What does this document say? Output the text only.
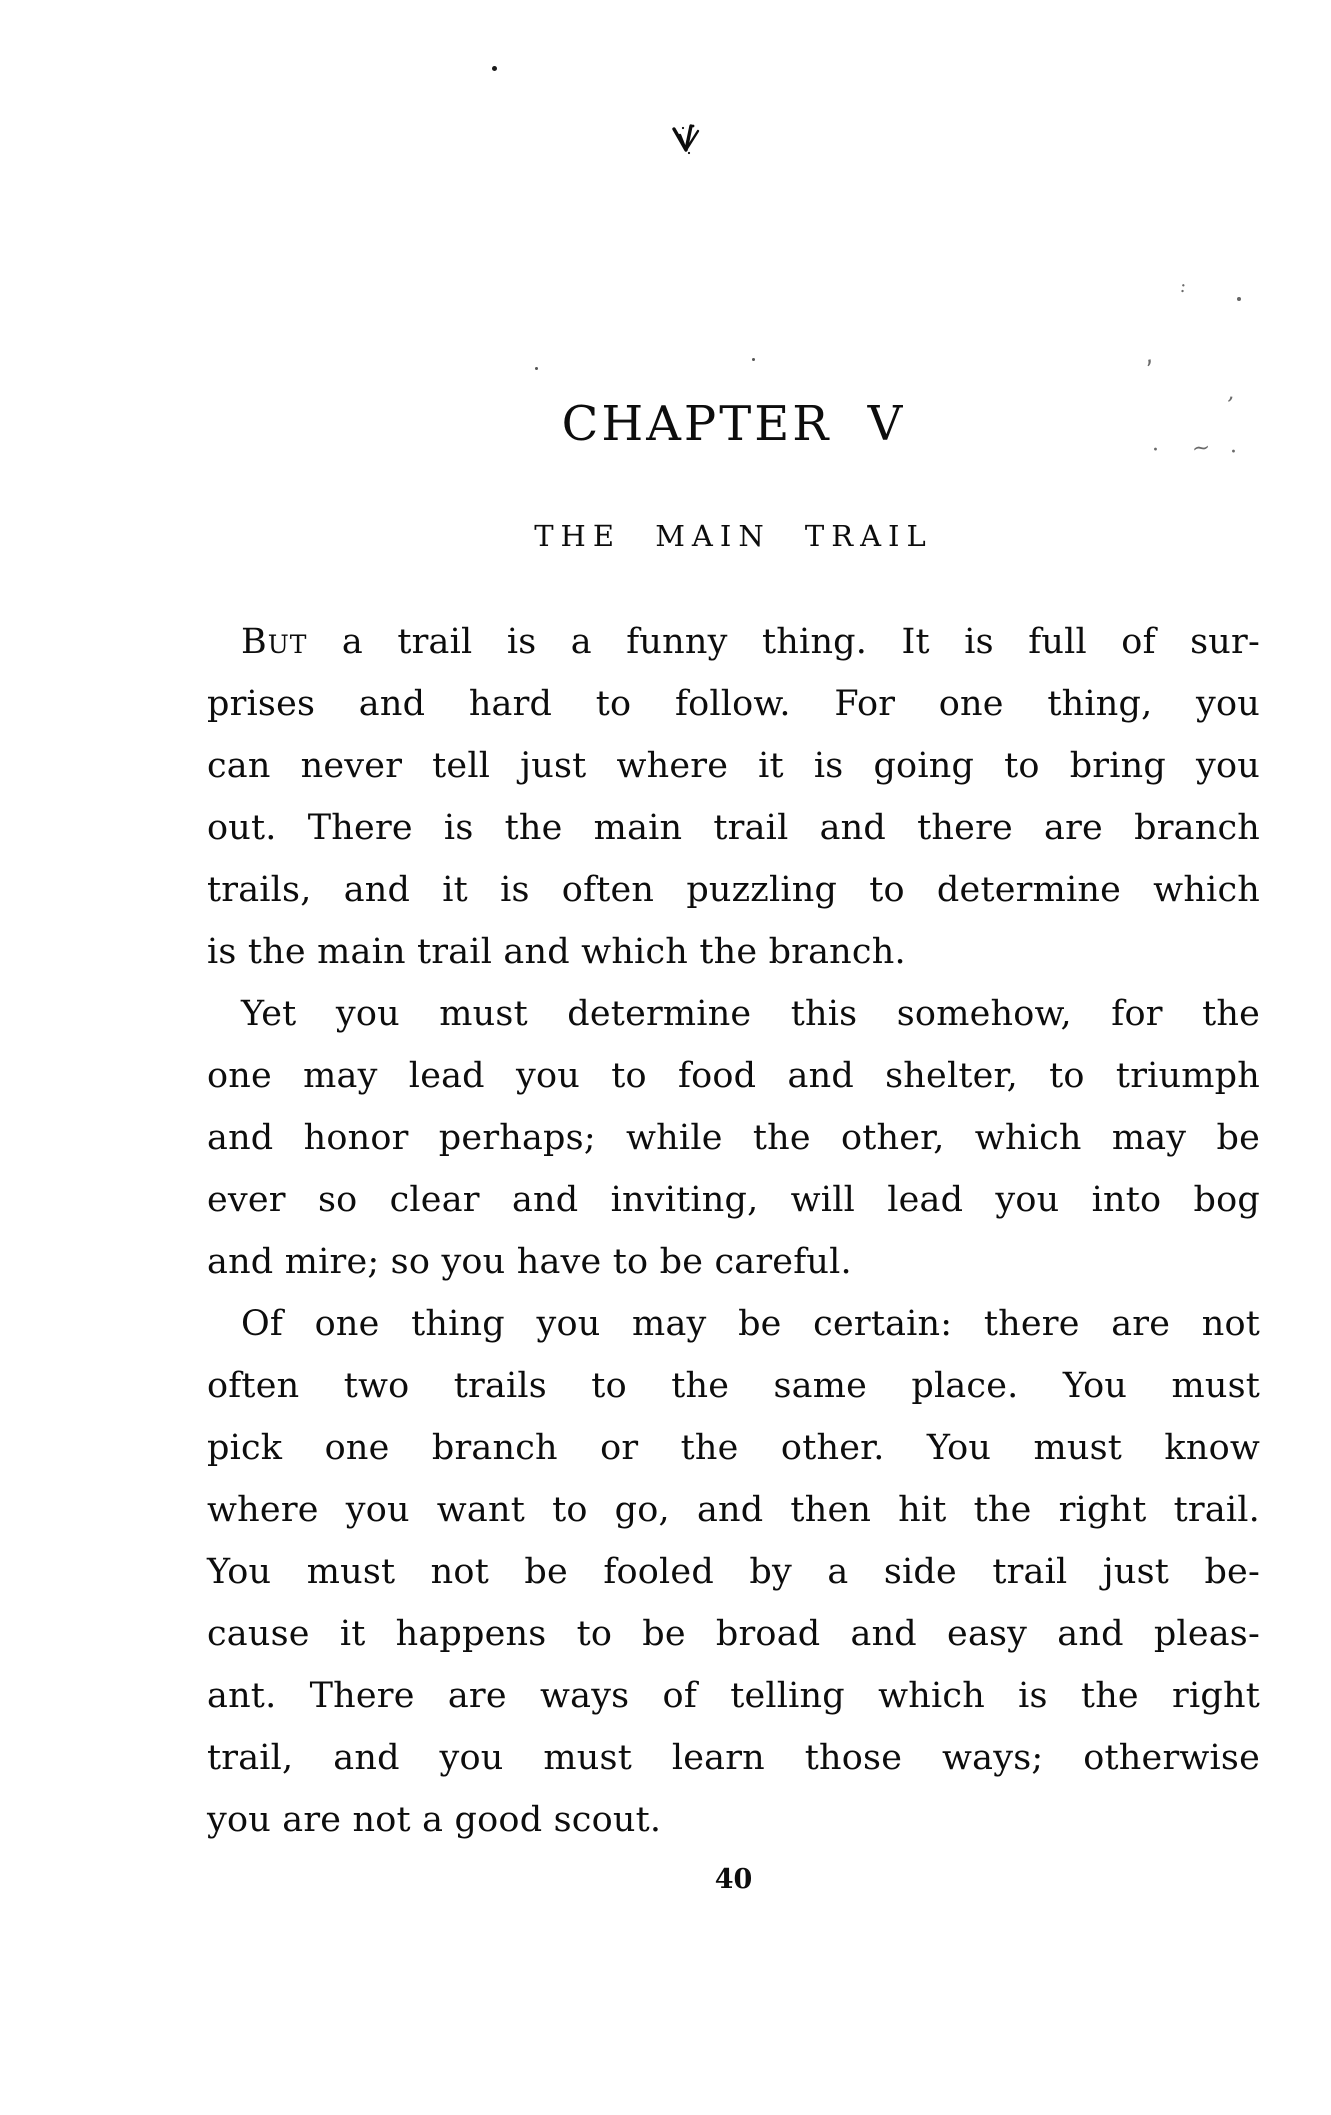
:
ʼ
,
· ~ ·
CHAPTER V
THE MAIN TRAIL

But a trail is a funny thing. It is full of sur-
prises and hard to follow. For one thing, you
can never tell just where it is going to bring you
out. There is the main trail and there are branch
trails, and it is often puzzling to determine which
is the main trail and which the branch.

Yet you must determine this somehow, for the
one may lead you to food and shelter, to triumph
and honor perhaps; while the other, which may be
ever so clear and inviting, will lead you into bog
and mire; so you have to be careful.

Of one thing you may be certain: there are not
often two trails to the same place. You must
pick one branch or the other. You must know
where you want to go, and then hit the right trail.
You must not be fooled by a side trail just be-
cause it happens to be broad and easy and pleas-
ant. There are ways of telling which is the right
trail, and you must learn those ways; otherwise
you are not a good scout.

40
